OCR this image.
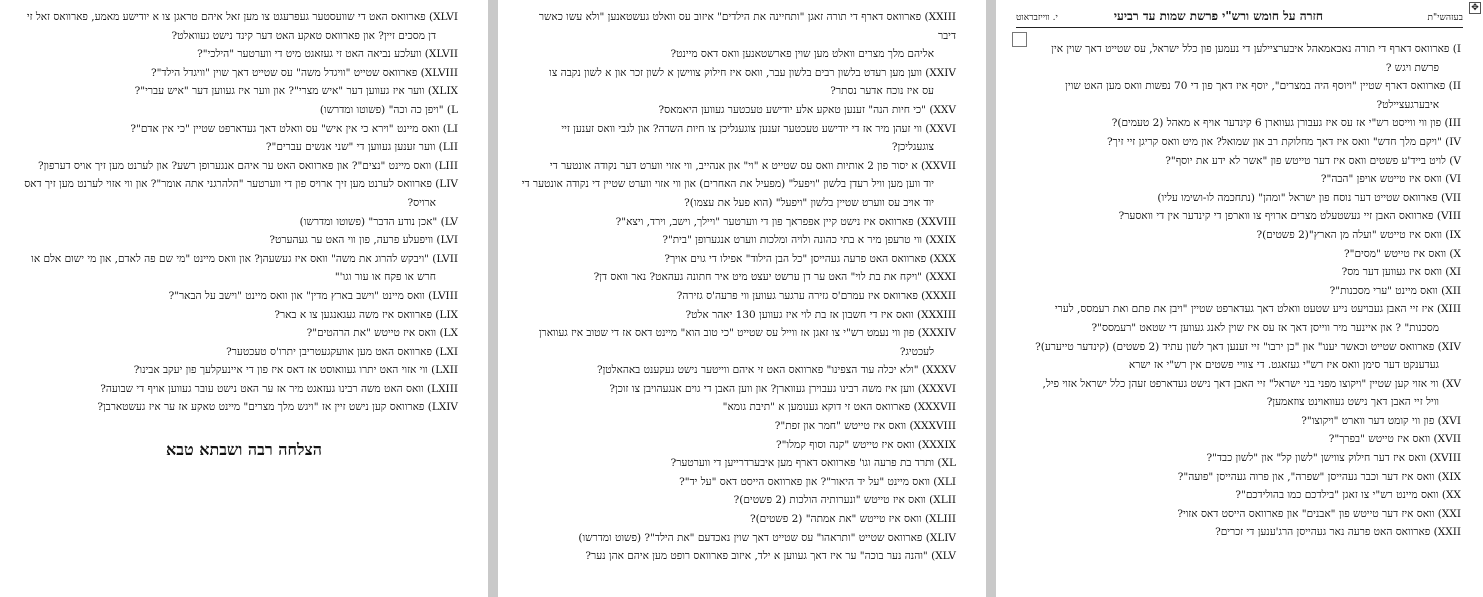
XLVI) פארוואס האט די שוועסטער געפרעגט צו מען זאל איהם טראגן צו א יודישע מאמע, פארוואס זאל זי

דן מסכים זיין? און פארוואס טאקע האט דער קינד נישט געוואלט?

XLVII) וועלכע נביאה האט זי געזאגט מיט די ווערטער "הילכי"?

XLVIII) פארוואס שטייט "וויגדל משה" עס שטייט דאך שוין "וויגדל הילד"?

XLIX) ווער איז געווען דער "איש מצרי"? און ווער איז געווען דער "איש עברי"?

L) "ויפן כה וכה" (פשוטו ומדרשו)

LI) וואס מיינט "וירא כי אין איש" עס וואלט דאך געדארפט שטיין "כי אין אדם"?

LII) ווער זענען געווען די "שני אנשים עברים"?

LIII) וואס מיינט "נצים"? און פארוואס האט ער איהם אנגערופן רשע? און לערנט מען זיך אויס דערפון?

LIV) פארוואס לערנט מען זיך ארויס פון די ווערטער "הלהרגני אתה אומר"? און ווי אזוי לערנט מען זיך דאס

ארויס?

LV) "אכן נודע הדבר" (פשוטו ומדרשו)

LVI) וויפעלע פרעה, פון ווי האט ער געהערט?

LVII) "ויבקש להרוג את משה" וואס איז געשעהן? און וואס מיינט "מי שם פה לאדם, און מי ישום אלם או

חרש או פקח או עור וגו'"

LVIII) וואס מיינט "וישב בארץ מדין" און וואס מיינט "וישב על הבאר"?

LIX) פארוואס איז משה געגאנגען צו א באר?

LX) וואס איז טייטש "את הרהטים"?

LXI) פארוואס האט מען אוועקגעטריבן יתרו'ס טעכטער?

LXII) ווי אזוי האט יתרו געוואוסט אז דאס איז פון די איינעקלעך פון יעקב אבינו?

LXIII) וואס האט משה רבינו געזאגט מיר אז ער האט נישט עובר געווען אויף די שבועה?

LXIV) פארוואס קען נישט זיין אז "ויגש מלך מצרים" מיינט טאקע אז ער איז געשטארבן?

הצלחה רבה ושבתא טבא

XXIII) פארוואס דארף די תורה זאגן "ותחיינה את הילדים" איזוב עס וואלט געשטאנען "ולא עשו כאשר דיבר

אליהם מלך מצרים וואלט מען שוין פארשטאנען וואס דאס מיינט?

XXIV) ווען מען רעדט בלשון רבים בלשון עבר, וואס איז חילוק צווישן א לשון זכר און א לשון נקבה צו

עס איז נוכח אדער נסתר?

XXV) "כי חיות הנה" זענען טאקע אלע יודישע טעכטער געווען היאמאס?

XXVI) ווי זעהן מיר אז די יודישע טעכטער זענען צוגעגליכן צו חיות השדה? און לגבי וואס זענען זיי

צוגעגליכן?

XXVII) א יסור פון 2 אותיות וואס עס שטייט א "וי" און אנהייב, ווי אזוי ווערט דער נקודה אונטער די

יוד ווען מען וויל רעדן בלשון "ויפעל" (מפעיל את האחרים) און ווי אזוי ווערט שטיין די נקודה אונטער די

יוד אויב עס ווערט שטיין בלשון "ויפעל" (הוא פעל את עצמו)?

XXVIII) פארוואס איז נישט קיין אפפראך פון די ווערטער "ויילך, וישב, וירד, ויצא"?

XXIX) ווי טרעפן מיר א בתי כהונה ולויה ומלכות ווערט אנגערופן "בית"?

XXX) פארוואס האט פרעה געהייסן "כל הבן הילוד" אפילו די גוים אויך?

XXXI) "ויקח את בת לוי" האט ער דן ערשט יעצט מיט איר חתונה געהאט? נאר וואס דן?

XXXII) פארוואס איז עמרם'ס גזירה ערגער געווען ווי פרעה'ס גזירה?

XXXIII) וואס איז די חשבון אז בת לוי איז געווען 130 יאהר אלט?

XXXIV) פון ווי נעמט רש"י צו זאגן אז ווייל עס שטייט "כי טוב הוא" מיינט דאס אז די שטוב איז געווארן

לעכטיג?

XXXV) "ולא יכלה עוד הצפינו" פארוואס האט זי איהם ווייטער נישט געקענט באהאלטן?

XXXVI) ווען איז משה רבינו געבוירן געווארן? און ווען האבן די גוים אנגעהויבן צו זוכן?

XXXVII) פארוואס האט זי דוקא גענומען א "תיבת גומא"

XXXVIII) וואס איז טייטש "חמר און זפת"?

XXXIX) וואס איז טייטש "קנה וסוף קמלו"?

XL) ותרד בת פרעה וגו' פארוואס דארף מען איבערדרייען די ווערטער?

XLI) וואס מיינט "על יד היאור"? און פארוואס הייסט דאס "על יד"?

XLII) וואס איז טייטש "ונערותיה הולכות (2 פשטים)?

XLIII) וואס איז טייטש "את אמתה" (2 פשטים)?

XLIV) פארוואס שטייט "ותראהו" עס שטייט דאך שוין נאכדעם "את הילד"? (פשוט ומדרשו)

XLV) "והנה נער בוכה" ער איז דאך געווען א ילד, איזוב פארוואס רופט מען איהם אהן נער?

✥
בעזהשי"ת
חזרה על חומש ורש"י פרשת שמות עד רביעי
י. ווייזבראוט

I) פארוואס דארף די תורה נאכאמאהל איבערציילען די נעמען פון כלל ישראל, עס שטייט דאך שוין אין

פרשת ויגש ?

II) פארוואס דארף שטיין "ויוסף היה במצרים", יוסף איז דאך פון די 70 נפשות וואס מען האט שוין

איבערגעציילט?

III) פון ווי ווייסט רש"י אז עס איז געבורן געווארן 6 קינדער אויף א מאהל (2 טעמים)?

IV) "ויקם מלך חדש" וואס איז דאך מחלוקת רב און שמואל? און מיט וואס קריגן זיי זיך?

V) לויט בייד'ע פשטים וואס איז דער טייטש פון "אשר לא ידע את יוסף"?

VI) וואס איז טייטש אויפן "הבה"?

VII) פארוואס שטייט דער נוסח פון ישראל "ומהן" (נתחכמה לו-ושימו עליו)

VIII) פארוואס האבן זיי געשטעלט מצרים ארויף צו ווארפן די קינדער אין די וואסער?

IX) וואס איז טייטש "ועלה מן הארץ"(2 פשטים)?

X) וואס איז טייטש "מסים"?

XI) וואס איז געווען דער מס?

XII) וואס מיינט "ערי מסכנות"?

XIII) איז זיי האבן געבויעט נייע שטעט וואלט דאך געדארפט שטיין "ויבן את פתם ואת רעמסס, לערי

מסכנות" ? און איינער מיר ווייסן דאך אז עס איז שוין לאנג געווען די שטאט "רעמסס"?

XIV) פארוואס שטייט וכאשר יענו" און "כן ירבו" זיי זענען דאך לשון עתיד (2 פשטים) (קינדער טייערע)?

געדענקט דער סימן וואס איז רש"י געזאגט. די צוויי פשטים אין רש"י אז ישרא

XV) ווי אזוי קען שטיין "ויקוצו מפני בני ישראל" זיי האבן דאך נישט געדארפט זעהן כלל ישראל אזוי פיל,

וויל זיי האבן דאך נישט געוואוינט צוזאמען?

XVI) פון ווי קומט דער ווארט "ויקוצו"?

XVII) וואס איז טייטש "בפרך"?

XVIII) וואס איז דער חילוק צווישן "לשון קל" און "לשון כבד"?

XIX) וואס איז דער וכבר געהייסן "שפרה", און פרוה געהייסן "פועה"?

XX) וואס מיינט רש"י צו זאגן "בילדכם כמו בהולידכם"?

XXI) וואס איז דער טייטש פון "אבנים" און פארוואס הייסט דאס אזוי?

XXII) פארוואס האט פרעה נאר געהייסן הרג'ענען די זכרים?
